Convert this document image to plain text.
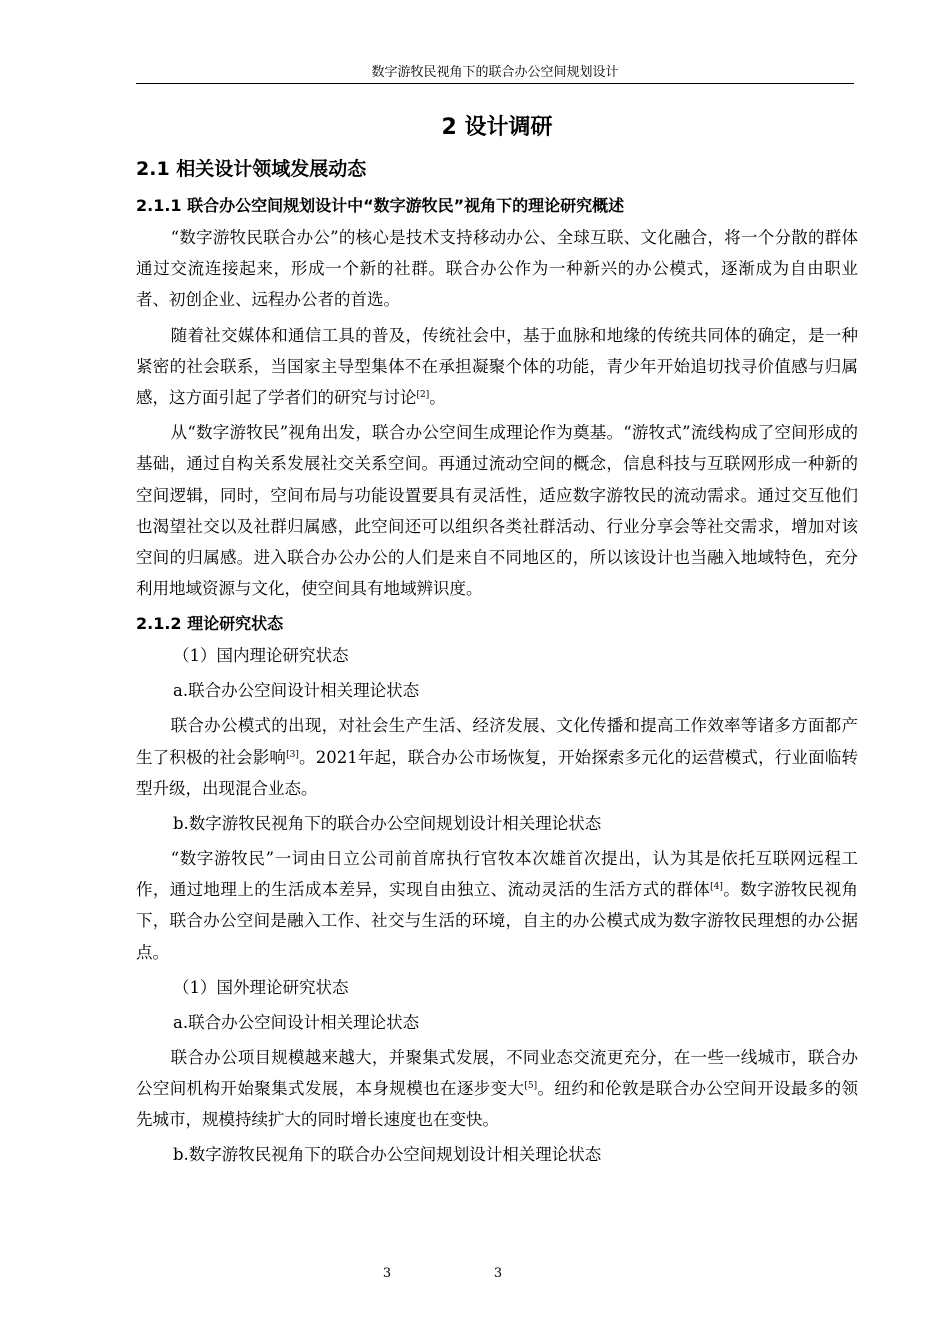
数字游牧民视角下的联合办公空间规划设计
2 设计调研
2.1 相关设计领域发展动态
2.1.1 联合办公空间规划设计中“数字游牧民”视角下的理论研究概述

“数字游牧民联合办公”的核心是技术支持移动办公、全球互联、文化融合，将一个分散的群体通过交流连接起来，形成一个新的社群。联合办公作为一种新兴的办公模式，逐渐成为自由职业者、初创企业、远程办公者的首选。

随着社交媒体和通信工具的普及，传统社会中，基于血脉和地缘的传统共同体的确定，是一种紧密的社会联系，当国家主导型集体不在承担凝聚个体的功能，青少年开始追切找寻价值感与归属感，这方面引起了学者们的研究与讨论[2]。

从“数字游牧民”视角出发，联合办公空间生成理论作为奠基。“游牧式”流线构成了空间形成的基础，通过自构关系发展社交关系空间。再通过流动空间的概念，信息科技与互联网形成一种新的空间逻辑，同时，空间布局与功能设置要具有灵活性，适应数字游牧民的流动需求。通过交互他们也渴望社交以及社群归属感，此空间还可以组织各类社群活动、行业分享会等社交需求，增加对该空间的归属感。进入联合办公办公的人们是来自不同地区的，所以该设计也当融入地域特色，充分利用地域资源与文化，使空间具有地域辨识度。

2.1.2 理论研究状态

（1）国内理论研究状态

a.联合办公空间设计相关理论状态

联合办公模式的出现，对社会生产生活、经济发展、文化传播和提高工作效率等诸多方面都产生了积极的社会影响[3]。2021年起，联合办公市场恢复，开始探索多元化的运营模式，行业面临转型升级，出现混合业态。

b.数字游牧民视角下的联合办公空间规划设计相关理论状态

“数字游牧民”一词由日立公司前首席执行官牧本次雄首次提出，认为其是依托互联网远程工作，通过地理上的生活成本差异，实现自由独立、流动灵活的生活方式的群体[4]。数字游牧民视角下，联合办公空间是融入工作、社交与生活的环境，自主的办公模式成为数字游牧民理想的办公据点。

（1）国外理论研究状态

a.联合办公空间设计相关理论状态

联合办公项目规模越来越大，并聚集式发展，不同业态交流更充分，在一些一线城市，联合办公空间机构开始聚集式发展，本身规模也在逐步变大[5]。纽约和伦敦是联合办公空间开设最多的领先城市，规模持续扩大的同时增长速度也在变快。

b.数字游牧民视角下的联合办公空间规划设计相关理论状态

3	3
